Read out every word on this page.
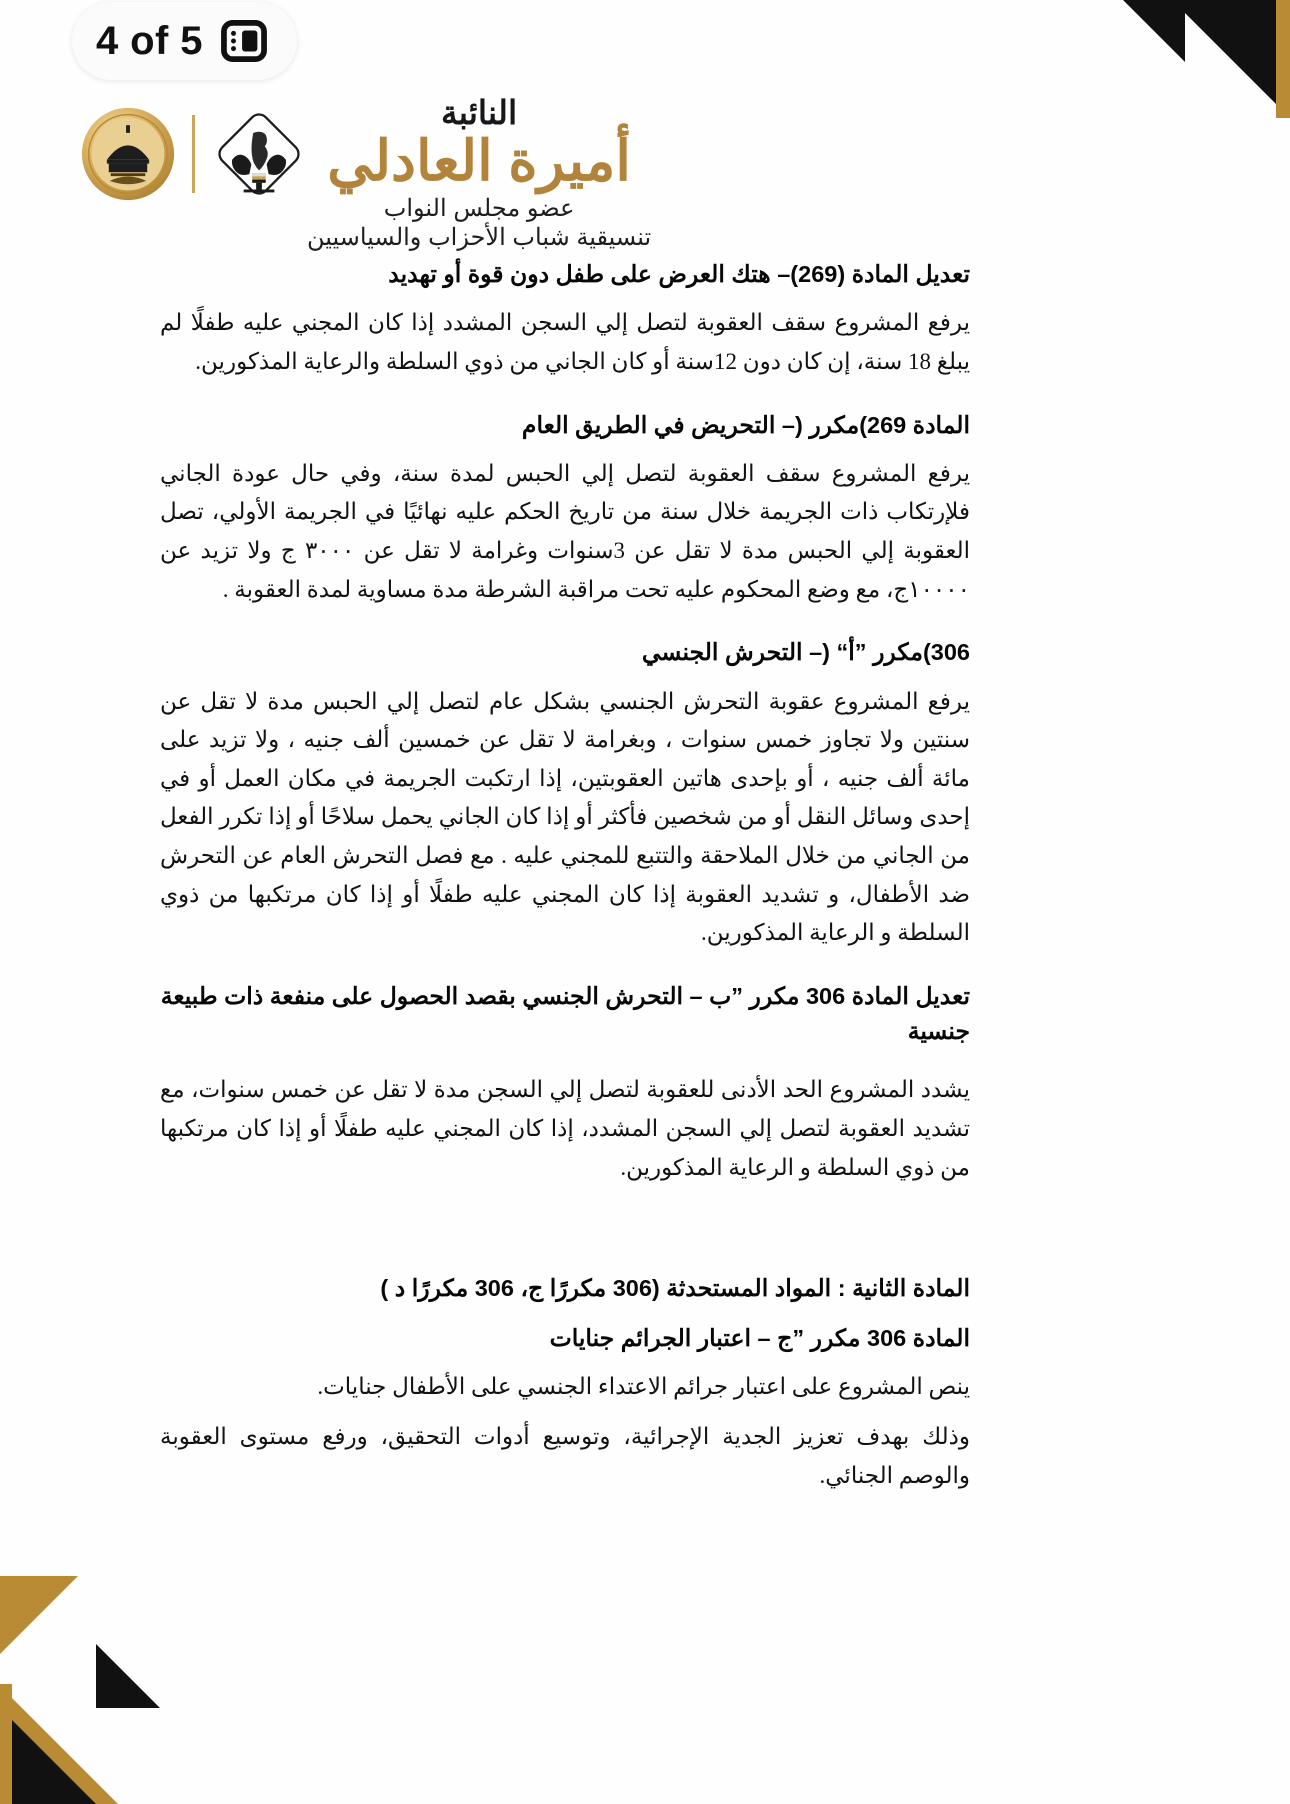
4 of 5
النائبة
أميرة العادلي
عضو مجلس النواب
تنسيقية شباب الأحزاب والسياسيين
تعديل المادة (269)– هتك العرض على طفل دون قوة أو تهديد
يرفع المشروع سقف العقوبة لتصل إلي السجن المشدد إذا كان المجني عليه طفلًا لم يبلغ 18 سنة، إن كان دون 12سنة أو كان الجاني من ذوي السلطة والرعاية المذكورين.
المادة 269)مكرر (– التحريض في الطريق العام
يرفع المشروع سقف العقوبة لتصل إلي الحبس لمدة سنة، وفي حال عودة الجاني فلإرتكاب ذات الجريمة خلال سنة من تاريخ الحكم عليه نهائيًا في الجريمة الأولي، تصل العقوبة إلي الحبس مدة لا تقل عن 3سنوات وغرامة لا تقل عن ٣٠٠٠ ج ولا تزيد عن ١٠٠٠٠ج، مع وضع المحكوم عليه تحت مراقبة الشرطة مدة مساوية لمدة العقوبة .
306)مكرر ”أ“ (– التحرش الجنسي
يرفع المشروع عقوبة التحرش الجنسي بشكل عام لتصل إلي الحبس مدة لا تقل عن سنتين ولا تجاوز خمس سنوات ، وبغرامة لا تقل عن خمسين ألف جنيه ، ولا تزيد على مائة ألف جنيه ، أو بإحدى هاتين العقوبتين، إذا ارتكبت الجريمة في مكان العمل أو في إحدى وسائل النقل أو من شخصين فأكثر أو إذا كان الجاني يحمل سلاحًا أو إذا تكرر الفعل من الجاني من خلال الملاحقة والتتبع للمجني عليه . مع فصل التحرش العام عن التحرش ضد الأطفال، و تشديد العقوبة إذا كان المجني عليه طفلًا أو إذا كان مرتكبها من ذوي السلطة و الرعاية المذكورين.
تعديل المادة 306 مكرر ”ب – التحرش الجنسي بقصد الحصول على منفعة ذات طبيعة جنسية
يشدد المشروع الحد الأدنى للعقوبة لتصل إلي السجن مدة لا تقل عن خمس سنوات، مع تشديد العقوبة لتصل إلي السجن المشدد، إذا كان المجني عليه طفلًا أو إذا كان مرتكبها من ذوي السلطة و الرعاية المذكورين.
المادة الثانية : المواد المستحدثة (306 مكررًا ج، 306 مكررًا د )
المادة 306 مكرر ”ج – اعتبار الجرائم جنايات
ينص المشروع على اعتبار جرائم الاعتداء الجنسي على الأطفال جنايات.
وذلك بهدف تعزيز الجدية الإجرائية، وتوسيع أدوات التحقيق، ورفع مستوى العقوبة والوصم الجنائي.
